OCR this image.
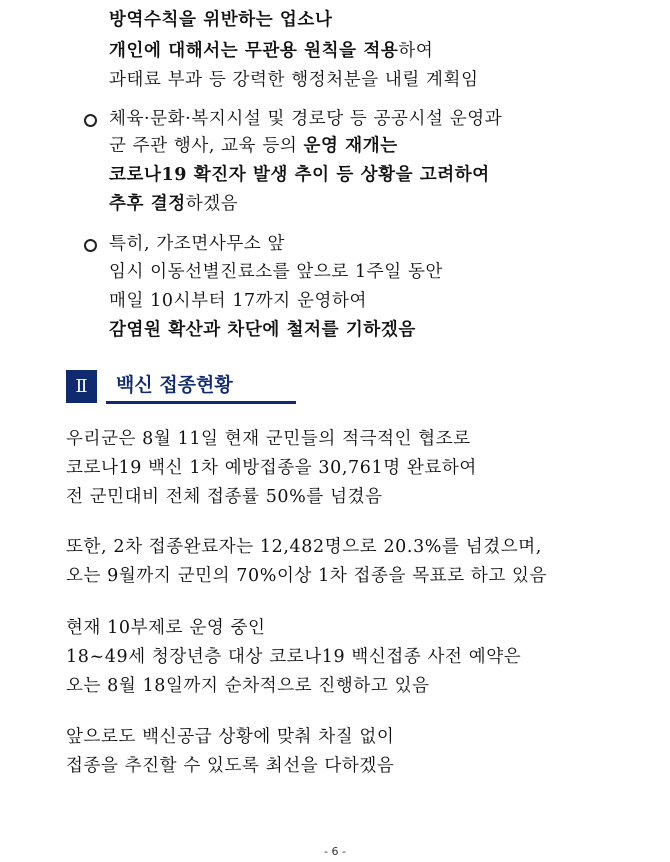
방역수칙을 위반하는 업소나
개인에 대해서는 무관용 원칙을 적용하여
과태료 부과 등 강력한 행정처분을 내릴 계획임
체육·문화·복지시설 및 경로당 등 공공시설 운영과
군 주관 행사, 교육 등의 운영 재개는
코로나19 확진자 발생 추이 등 상황을 고려하여
추후 결정하겠음
특히, 가조면사무소 앞
임시 이동선별진료소를 앞으로 1주일 동안
매일 10시부터 17까지 운영하여
감염원 확산과 차단에 철저를 기하겠음
우리군은 8월 11일 현재 군민들의 적극적인 협조로
코로나19 백신 1차 예방접종을 30,761명 완료하여
전 군민대비 전체 접종률 50%를 넘겼음
또한, 2차 접종완료자는 12,482명으로 20.3%를 넘겼으며,
오는 9월까지 군민의 70%이상 1차 접종을 목표로 하고 있음
현재 10부제로 운영 중인
18~49세 청장년층 대상 코로나19 백신접종 사전 예약은
오는 8월 18일까지 순차적으로 진행하고 있음
앞으로도 백신공급 상황에 맞춰 차질 없이
접종을 추진할 수 있도록 최선을 다하겠음
Ⅱ	백신 접종현황
- 6 -
